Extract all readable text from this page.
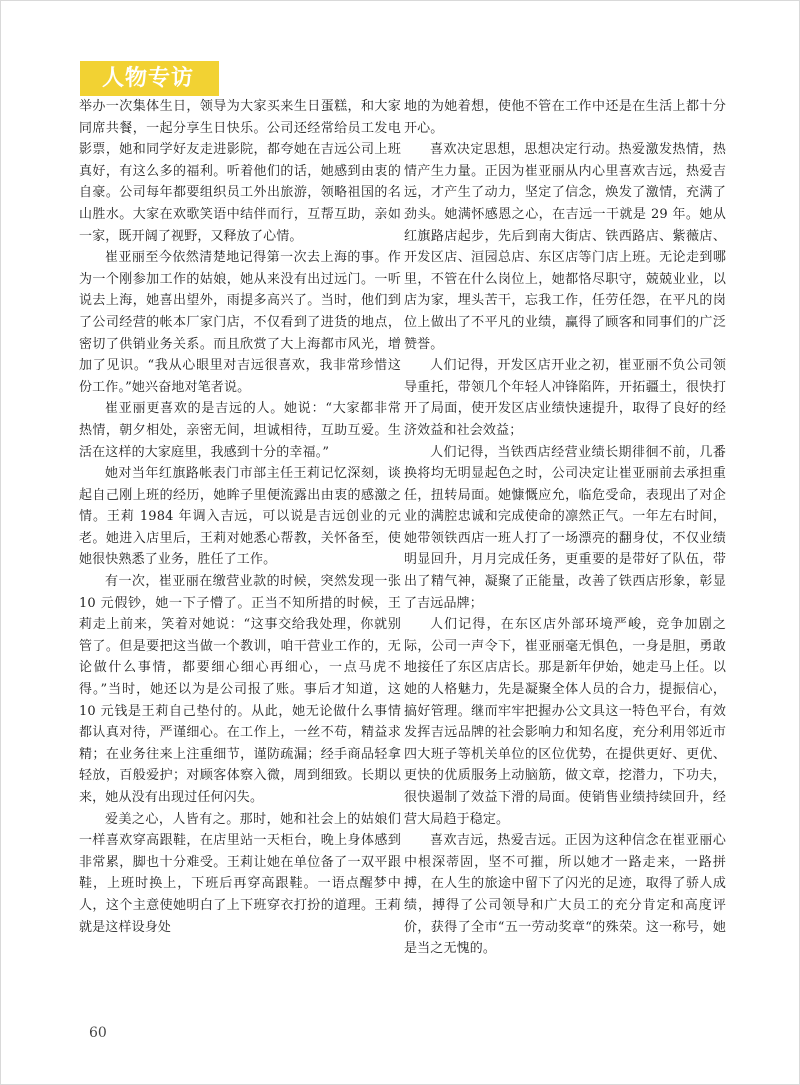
人物专访

举办一次集体生日，领导为大家买来生日蛋糕，和大家同席共餐，一起分享生日快乐。公司还经常给员工发电影票，她和同学好友走进影院，都夸她在吉远公司上班真好，有这么多的福利。听着他们的话，她感到由衷的自豪。公司每年都要组织员工外出旅游，领略祖国的名山胜水。大家在欢歌笑语中结伴而行，互帮互助，亲如一家，既开阔了视野，又释放了心情。

崔亚丽至今依然清楚地记得第一次去上海的事。作为一个刚参加工作的姑娘，她从来没有出过远门。一听说去上海，她喜出望外，雨提多高兴了。当时，他们到了公司经营的帐本厂家门店，不仅看到了进货的地点，密切了供销业务关系。而且欣赏了大上海都市风光，增加了见识。“我从心眼里对吉远很喜欢，我非常珍惜这份工作。”她兴奋地对笔者说。

崔亚丽更喜欢的是吉远的人。她说：“大家都非常热情，朝夕相处，亲密无间，坦诚相待，互助互爱。生活在这样的大家庭里，我感到十分的幸福。”

她对当年红旗路帐表门市部主任王莉记忆深刻，谈起自己刚上班的经历，她眸子里便流露出由衷的感激之情。王莉 1984 年调入吉远，可以说是吉远创业的元老。她进入店里后，王莉对她悉心帮教，关怀备至，使她很快熟悉了业务，胜任了工作。

有一次，崔亚丽在缴营业款的时候，突然发现一张 10 元假钞，她一下子懵了。正当不知所措的时候，王莉走上前来，笑着对她说：“这事交给我处理，你就别管了。但是要把这当做一个教训，咱干营业工作的，无论做什么事情，都要细心细心再细心，一点马虎不得。”当时，她还以为是公司报了账。事后才知道，这 10 元钱是王莉自己垫付的。从此，她无论做什么事情都认真对待，严谨细心。在工作上，一丝不苟，精益求精；在业务往来上注重细节，谨防疏漏；经手商品轻拿轻放，百般爱护；对顾客体察入微，周到细致。长期以来，她从没有出现过任何闪失。

爱美之心，人皆有之。那时，她和社会上的姑娘们一样喜欢穿高跟鞋，在店里站一天柜台，晚上身体感到非常累，脚也十分难受。王莉让她在单位备了一双平跟鞋，上班时换上，下班后再穿高跟鞋。一语点醒梦中人，这个主意使她明白了上下班穿衣打扮的道理。王莉就是这样设身处

地的为她着想，使他不管在工作中还是在生活上都十分开心。

喜欢决定思想，思想决定行动。热爱激发热情，热情产生力量。正因为崔亚丽从内心里喜欢吉远，热爱吉远，才产生了动力，坚定了信念，焕发了激情，充满了劲头。她满怀感恩之心，在吉远一干就是 29 年。她从红旗路店起步，先后到南大街店、铁西路店、紫薇店、开发区店、洹园总店、东区店等门店上班。无论走到哪里，不管在什么岗位上，她都恪尽职守，兢兢业业，以店为家，埋头苦干，忘我工作，任劳任怨，在平凡的岗位上做出了不平凡的业绩，赢得了顾客和同事们的广泛赞誉。

人们记得，开发区店开业之初，崔亚丽不负公司领导重托，带领几个年轻人冲锋陷阵，开拓疆土，很快打开了局面，使开发区店业绩快速提升，取得了良好的经济效益和社会效益；

人们记得，当铁西店经营业绩长期徘徊不前，几番换将均无明显起色之时，公司决定让崔亚丽前去承担重任，扭转局面。她慷慨应允，临危受命，表现出了对企业的满腔忠诚和完成使命的凛然正气。一年左右时间，她带领铁西店一班人打了一场漂亮的翻身仗，不仅业绩明显回升，月月完成任务，更重要的是带好了队伍，带出了精气神，凝聚了正能量，改善了铁西店形象，彰显了吉远品牌；

人们记得，在东区店外部环境严峻，竞争加剧之际，公司一声令下，崔亚丽毫无惧色，一身是胆，勇敢地接任了东区店店长。那是新年伊始，她走马上任。以她的人格魅力，先是凝聚全体人员的合力，提振信心，搞好管理。继而牢牢把握办公文具这一特色平台，有效发挥吉远品牌的社会影响力和知名度，充分利用邻近市四大班子等机关单位的区位优势，在提供更好、更优、更快的优质服务上动脑筋，做文章，挖潜力，下功夫，很快遏制了效益下滑的局面。使销售业绩持续回升，经营大局趋于稳定。

喜欢吉远，热爱吉远。正因为这种信念在崔亚丽心中根深蒂固，坚不可摧，所以她才一路走来，一路拼搏，在人生的旅途中留下了闪光的足迹，取得了骄人成绩，搏得了公司领导和广大员工的充分肯定和高度评价，获得了全市“五一劳动奖章“的殊荣。这一称号，她是当之无愧的。

60
